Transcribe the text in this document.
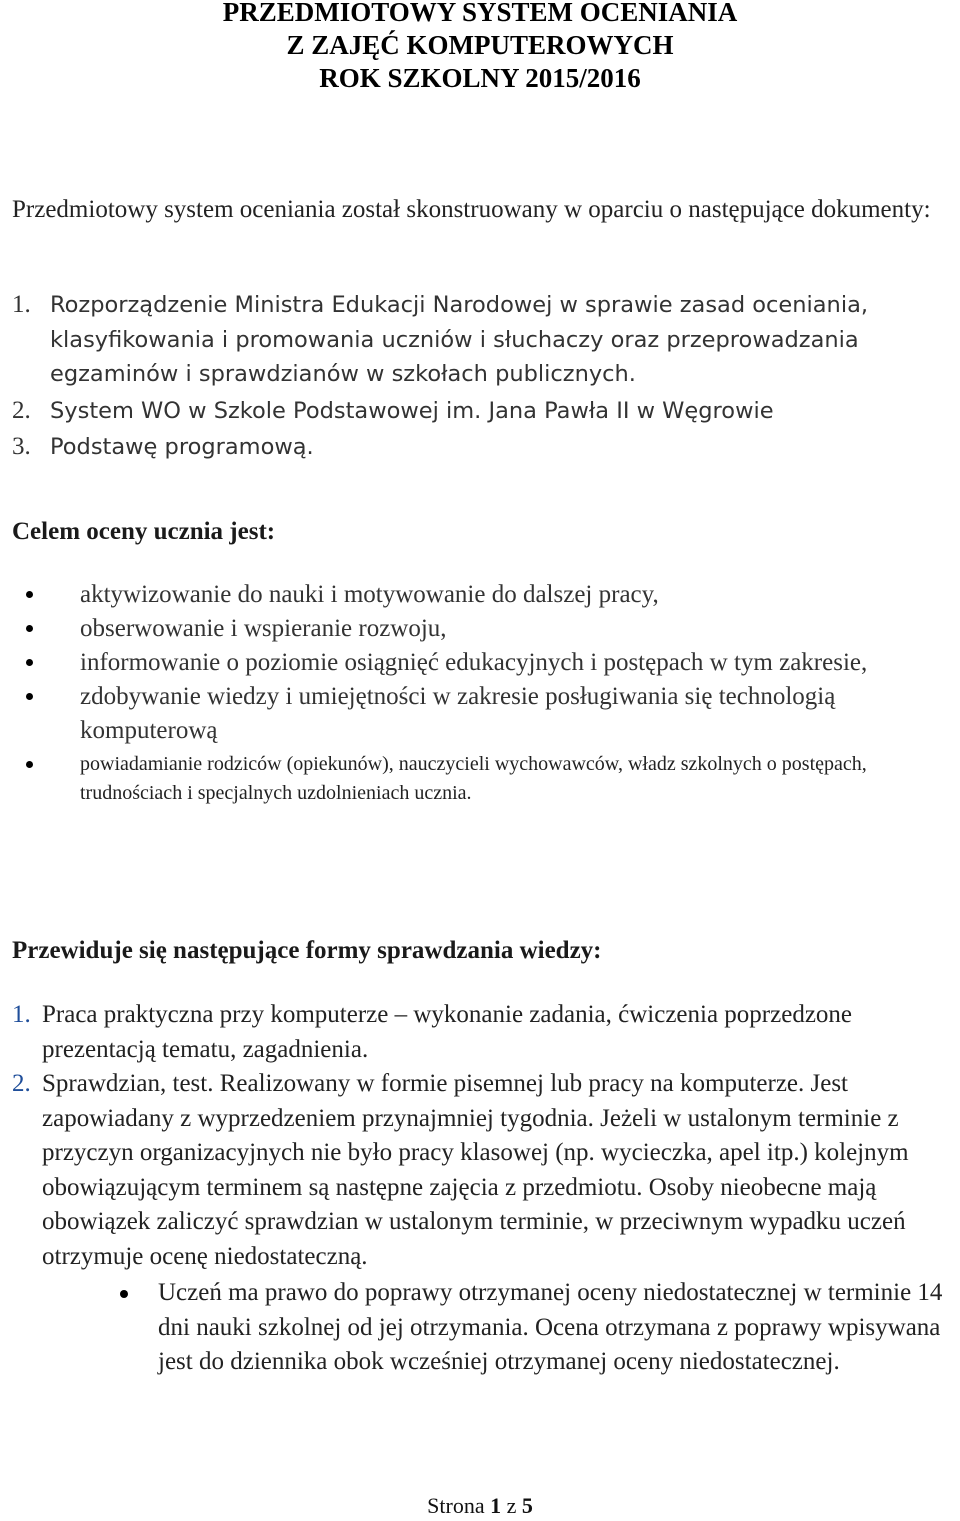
PRZEDMIOTOWY SYSTEM OCENIANIA
Z ZAJĘĆ KOMPUTEROWYCH
ROK SZKOLNY 2015/2016
Przedmiotowy system oceniania został skonstruowany w oparciu o następujące dokumenty:
1. Rozporządzenie Ministra Edukacji Narodowej w sprawie zasad oceniania, klasyfikowania i promowania uczniów i słuchaczy oraz przeprowadzania egzaminów i sprawdzianów w szkołach publicznych.
2. System WO w Szkole Podstawowej im. Jana Pawła II w Węgrowie
3. Podstawę programową.
Celem oceny ucznia jest:
aktywizowanie do nauki i motywowanie do dalszej pracy,
obserwowanie i wspieranie rozwoju,
informowanie o poziomie osiągnięć edukacyjnych i postępach w tym zakresie,
zdobywanie wiedzy i umiejętności w zakresie posługiwania się technologią komputerową
powiadamianie rodziców (opiekunów), nauczycieli wychowawców, władz szkolnych o postępach, trudnościach i specjalnych uzdolnieniach ucznia.
Przewiduje się następujące formy sprawdzania wiedzy:
1. Praca praktyczna przy komputerze – wykonanie zadania, ćwiczenia poprzedzone prezentacją tematu, zagadnienia.
2. Sprawdzian, test. Realizowany w formie pisemnej lub pracy na komputerze. Jest zapowiadany z wyprzedzeniem przynajmniej tygodnia. Jeżeli w ustalonym terminie z przyczyn organizacyjnych nie było pracy klasowej (np. wycieczka, apel itp.) kolejnym obowiązującym terminem są następne zajęcia z przedmiotu. Osoby nieobecne mają obowiązek zaliczyć sprawdzian w ustalonym terminie, w przeciwnym wypadku uczeń otrzymuje ocenę niedostateczną.
Uczeń ma prawo do poprawy otrzymanej oceny niedostatecznej w terminie 14 dni nauki szkolnej od jej otrzymania. Ocena otrzymana z poprawy wpisywana jest do dziennika obok wcześniej otrzymanej oceny niedostatecznej.
Strona 1 z 5
